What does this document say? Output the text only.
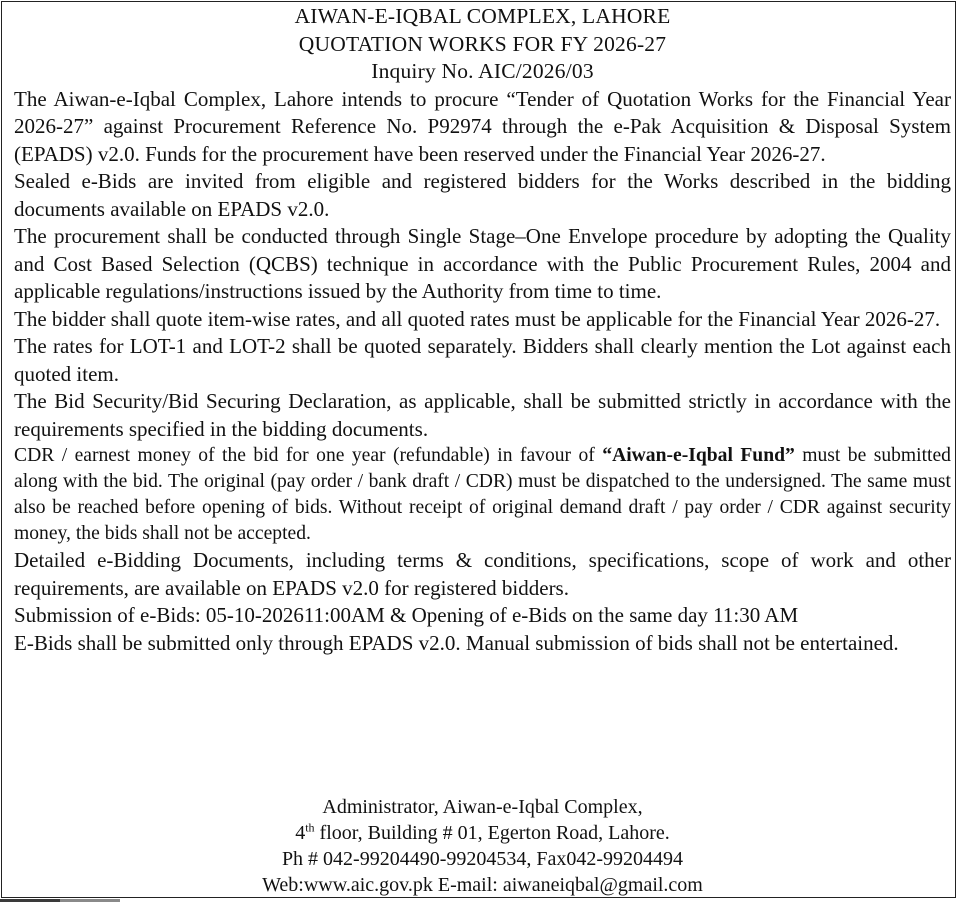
AIWAN-E-IQBAL COMPLEX, LAHORE
QUOTATION WORKS FOR FY 2026-27
Inquiry No. AIC/2026/03

The Aiwan-e-Iqbal Complex, Lahore intends to procure “Tender of Quotation Works for the Financial Year 2026-27” against Procurement Reference No. P92974 through the e-Pak Acquisition & Disposal System (EPADS) v2.0. Funds for the procurement have been reserved under the Financial Year 2026-27.

Sealed e-Bids are invited from eligible and registered bidders for the Works described in the bidding documents available on EPADS v2.0.

The procurement shall be conducted through Single Stage–One Envelope procedure by adopting the Quality and Cost Based Selection (QCBS) technique in accordance with the Public Procurement Rules, 2004 and applicable regulations/instructions issued by the Authority from time to time.

The bidder shall quote item-wise rates, and all quoted rates must be applicable for the Financial Year 2026-27.

The rates for LOT-1 and LOT-2 shall be quoted separately. Bidders shall clearly mention the Lot against each quoted item.

The Bid Security/Bid Securing Declaration, as applicable, shall be submitted strictly in accordance with the requirements specified in the bidding documents.

CDR / earnest money of the bid for one year (refundable) in favour of “Aiwan-e-Iqbal Fund” must be submitted along with the bid. The original (pay order / bank draft / CDR) must be dispatched to the undersigned. The same must also be reached before opening of bids. Without receipt of original demand draft / pay order / CDR against security money, the bids shall not be accepted.

Detailed e-Bidding Documents, including terms & conditions, specifications, scope of work and other requirements, are available on EPADS v2.0 for registered bidders.

Submission of e-Bids: 05-10-202611:00AM & Opening of e-Bids on the same day 11:30 AM

E-Bids shall be submitted only through EPADS v2.0. Manual submission of bids shall not be entertained.

Administrator, Aiwan-e-Iqbal Complex,
4th floor, Building # 01, Egerton Road, Lahore.
Ph # 042-99204490-99204534, Fax042-99204494
Web:www.aic.gov.pk E-mail: aiwaneiqbal@gmail.com
